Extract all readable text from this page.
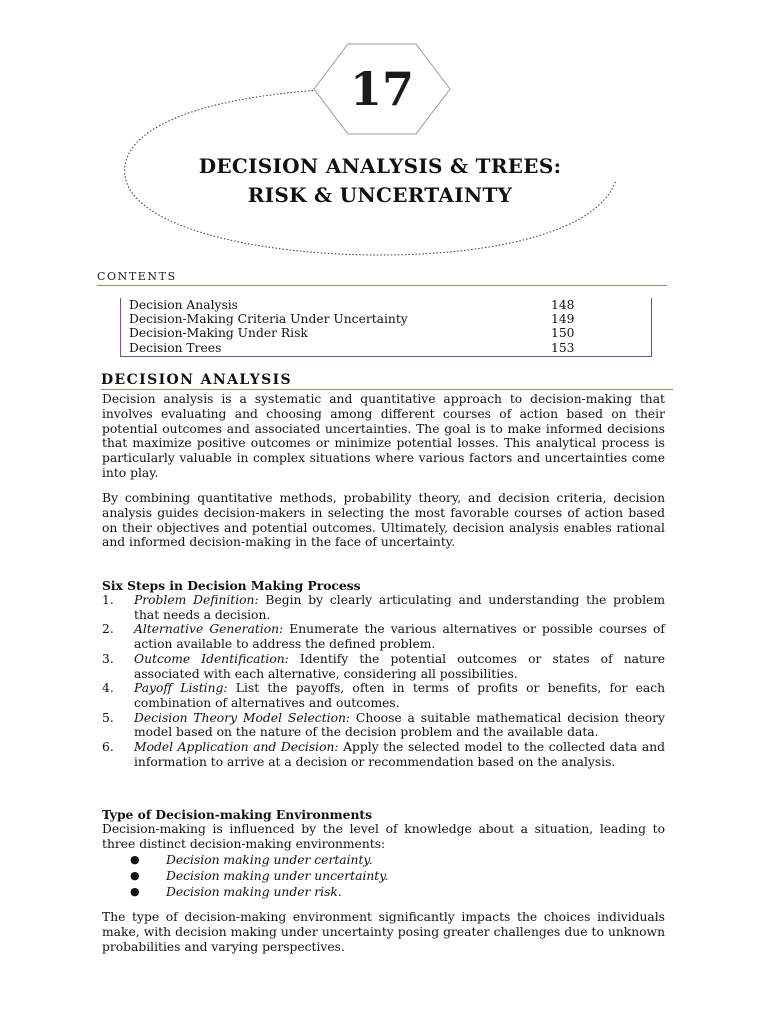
17
DECISION ANALYSIS & TREES:
RISK & UNCERTAINTY
CONTENTS
Decision Analysis	148
Decision-Making Criteria Under Uncertainty	149
Decision-Making Under Risk	150
Decision Trees	153
DECISION ANALYSIS
Decision analysis is a systematic and quantitative approach to decision-making that involves evaluating and choosing among different courses of action based on their potential outcomes and associated uncertainties. The goal is to make informed decisions that maximize positive outcomes or minimize potential losses. This analytical process is particularly valuable in complex situations where various factors and uncertainties come into play.
By combining quantitative methods, probability theory, and decision criteria, decision analysis guides decision-makers in selecting the most favorable courses of action based on their objectives and potential outcomes. Ultimately, decision analysis enables rational and informed decision-making in the face of uncertainty.
Six Steps in Decision Making Process
1. Problem Definition: Begin by clearly articulating and understanding the problem that needs a decision.
2. Alternative Generation: Enumerate the various alternatives or possible courses of action available to address the defined problem.
3. Outcome Identification: Identify the potential outcomes or states of nature associated with each alternative, considering all possibilities.
4. Payoff Listing: List the payoffs, often in terms of profits or benefits, for each combination of alternatives and outcomes.
5. Decision Theory Model Selection: Choose a suitable mathematical decision theory model based on the nature of the decision problem and the available data.
6. Model Application and Decision: Apply the selected model to the collected data and information to arrive at a decision or recommendation based on the analysis.
Type of Decision-making Environments
Decision-making is influenced by the level of knowledge about a situation, leading to three distinct decision-making environments:
● Decision making under certainty.
● Decision making under uncertainty.
● Decision making under risk.
The type of decision-making environment significantly impacts the choices individuals make, with decision making under uncertainty posing greater challenges due to unknown probabilities and varying perspectives.
